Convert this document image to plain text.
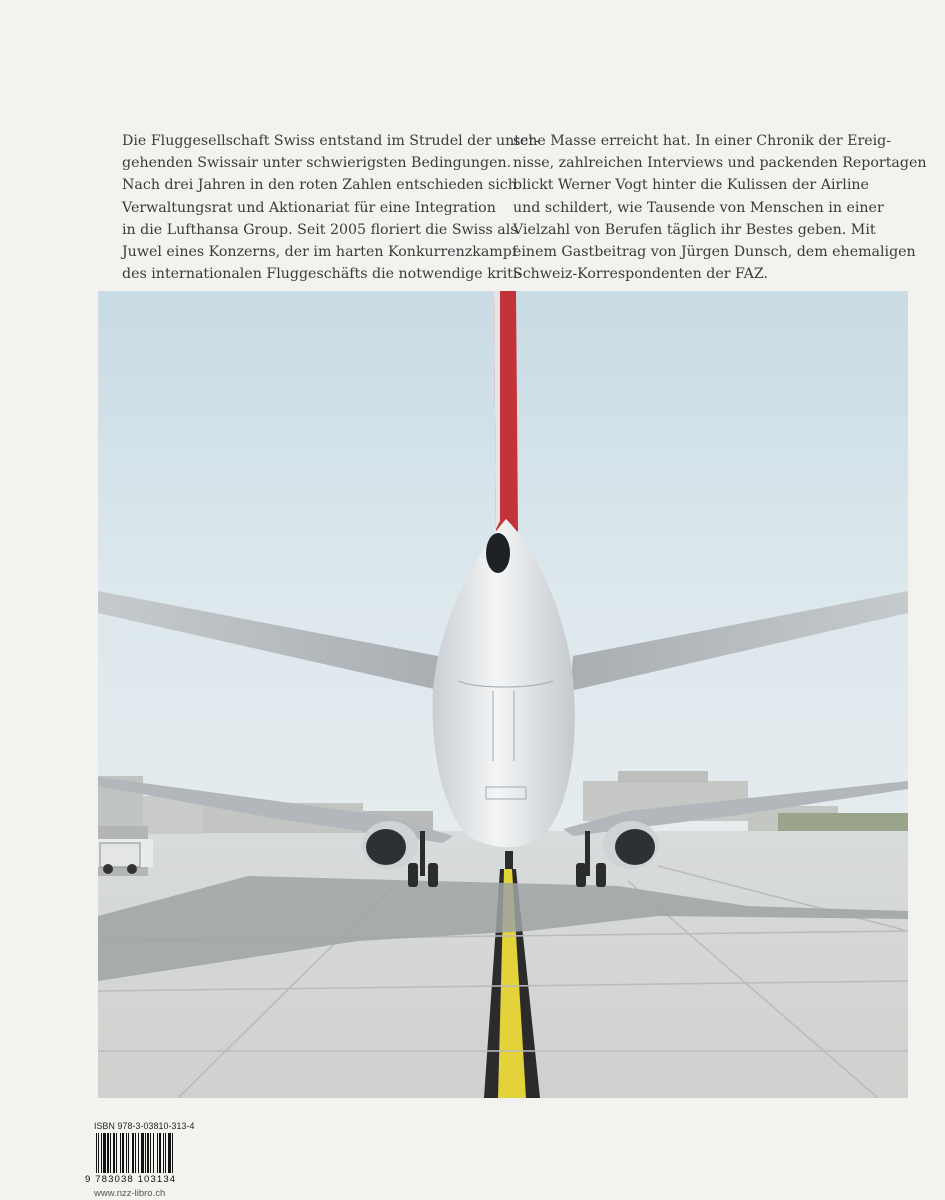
Die Fluggesellschaft Swiss entstand im Strudel der unter-

gehenden Swissair unter schwierigsten Bedingungen.

Nach drei Jahren in den roten Zahlen entschieden sich

Verwaltungsrat und Aktionariat für eine Integration

in die Lufthansa Group. Seit 2005 floriert die Swiss als

Juwel eines Konzerns, der im harten Konkurrenzkampf

des internationalen Fluggeschäfts die notwendige kriti-

sche Masse erreicht hat. In einer Chronik der Ereig-

nisse, zahlreichen Interviews und packenden Reportagen

blickt Werner Vogt hinter die Kulissen der Airline

und schildert, wie Tausende von Menschen in einer

Vielzahl von Berufen täglich ihr Bestes geben. Mit

einem Gastbeitrag von Jürgen Dunsch, dem ehemaligen

Schweiz-Korrespondenten der FAZ.

ISBN 978-3-03810-313-4
9 783038 103134
www.nzz-libro.ch
